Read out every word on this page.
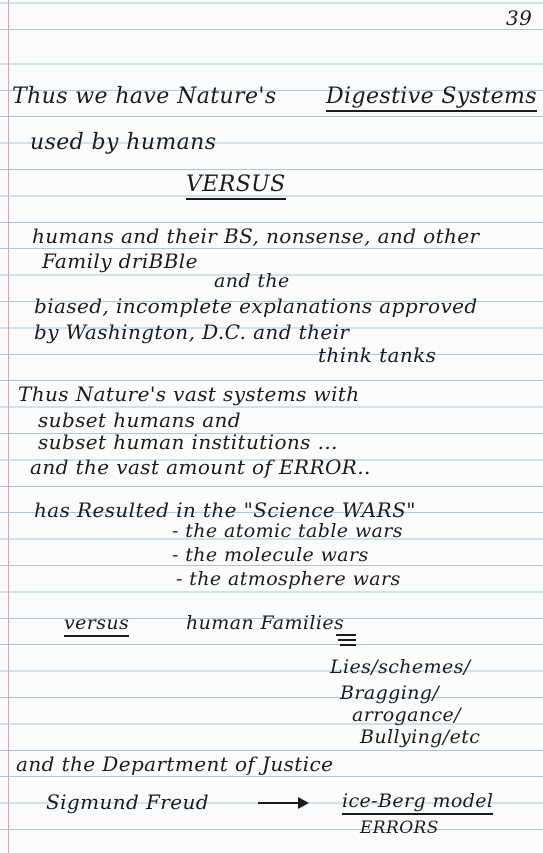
39
Thus we have Nature's Digestive Systems
used by humans
VERSUS
humans and their BS, nonsense, and other
Family driBBle
and the
biased, incomplete explanations approved
by Washington, D.C. and their
think tanks
Thus Nature's vast systems with
subset humans and
subset human institutions ...
and the vast amount of ERROR..
has Resulted in the "Science WARS"
- the atomic table wars
- the molecule wars
- the atmosphere wars
versus	human Families
Lies/schemes/
Bragging/
arrogance/
Bullying/etc
and the Department of Justice
Sigmund Freud	ice-Berg model
ERRORS
